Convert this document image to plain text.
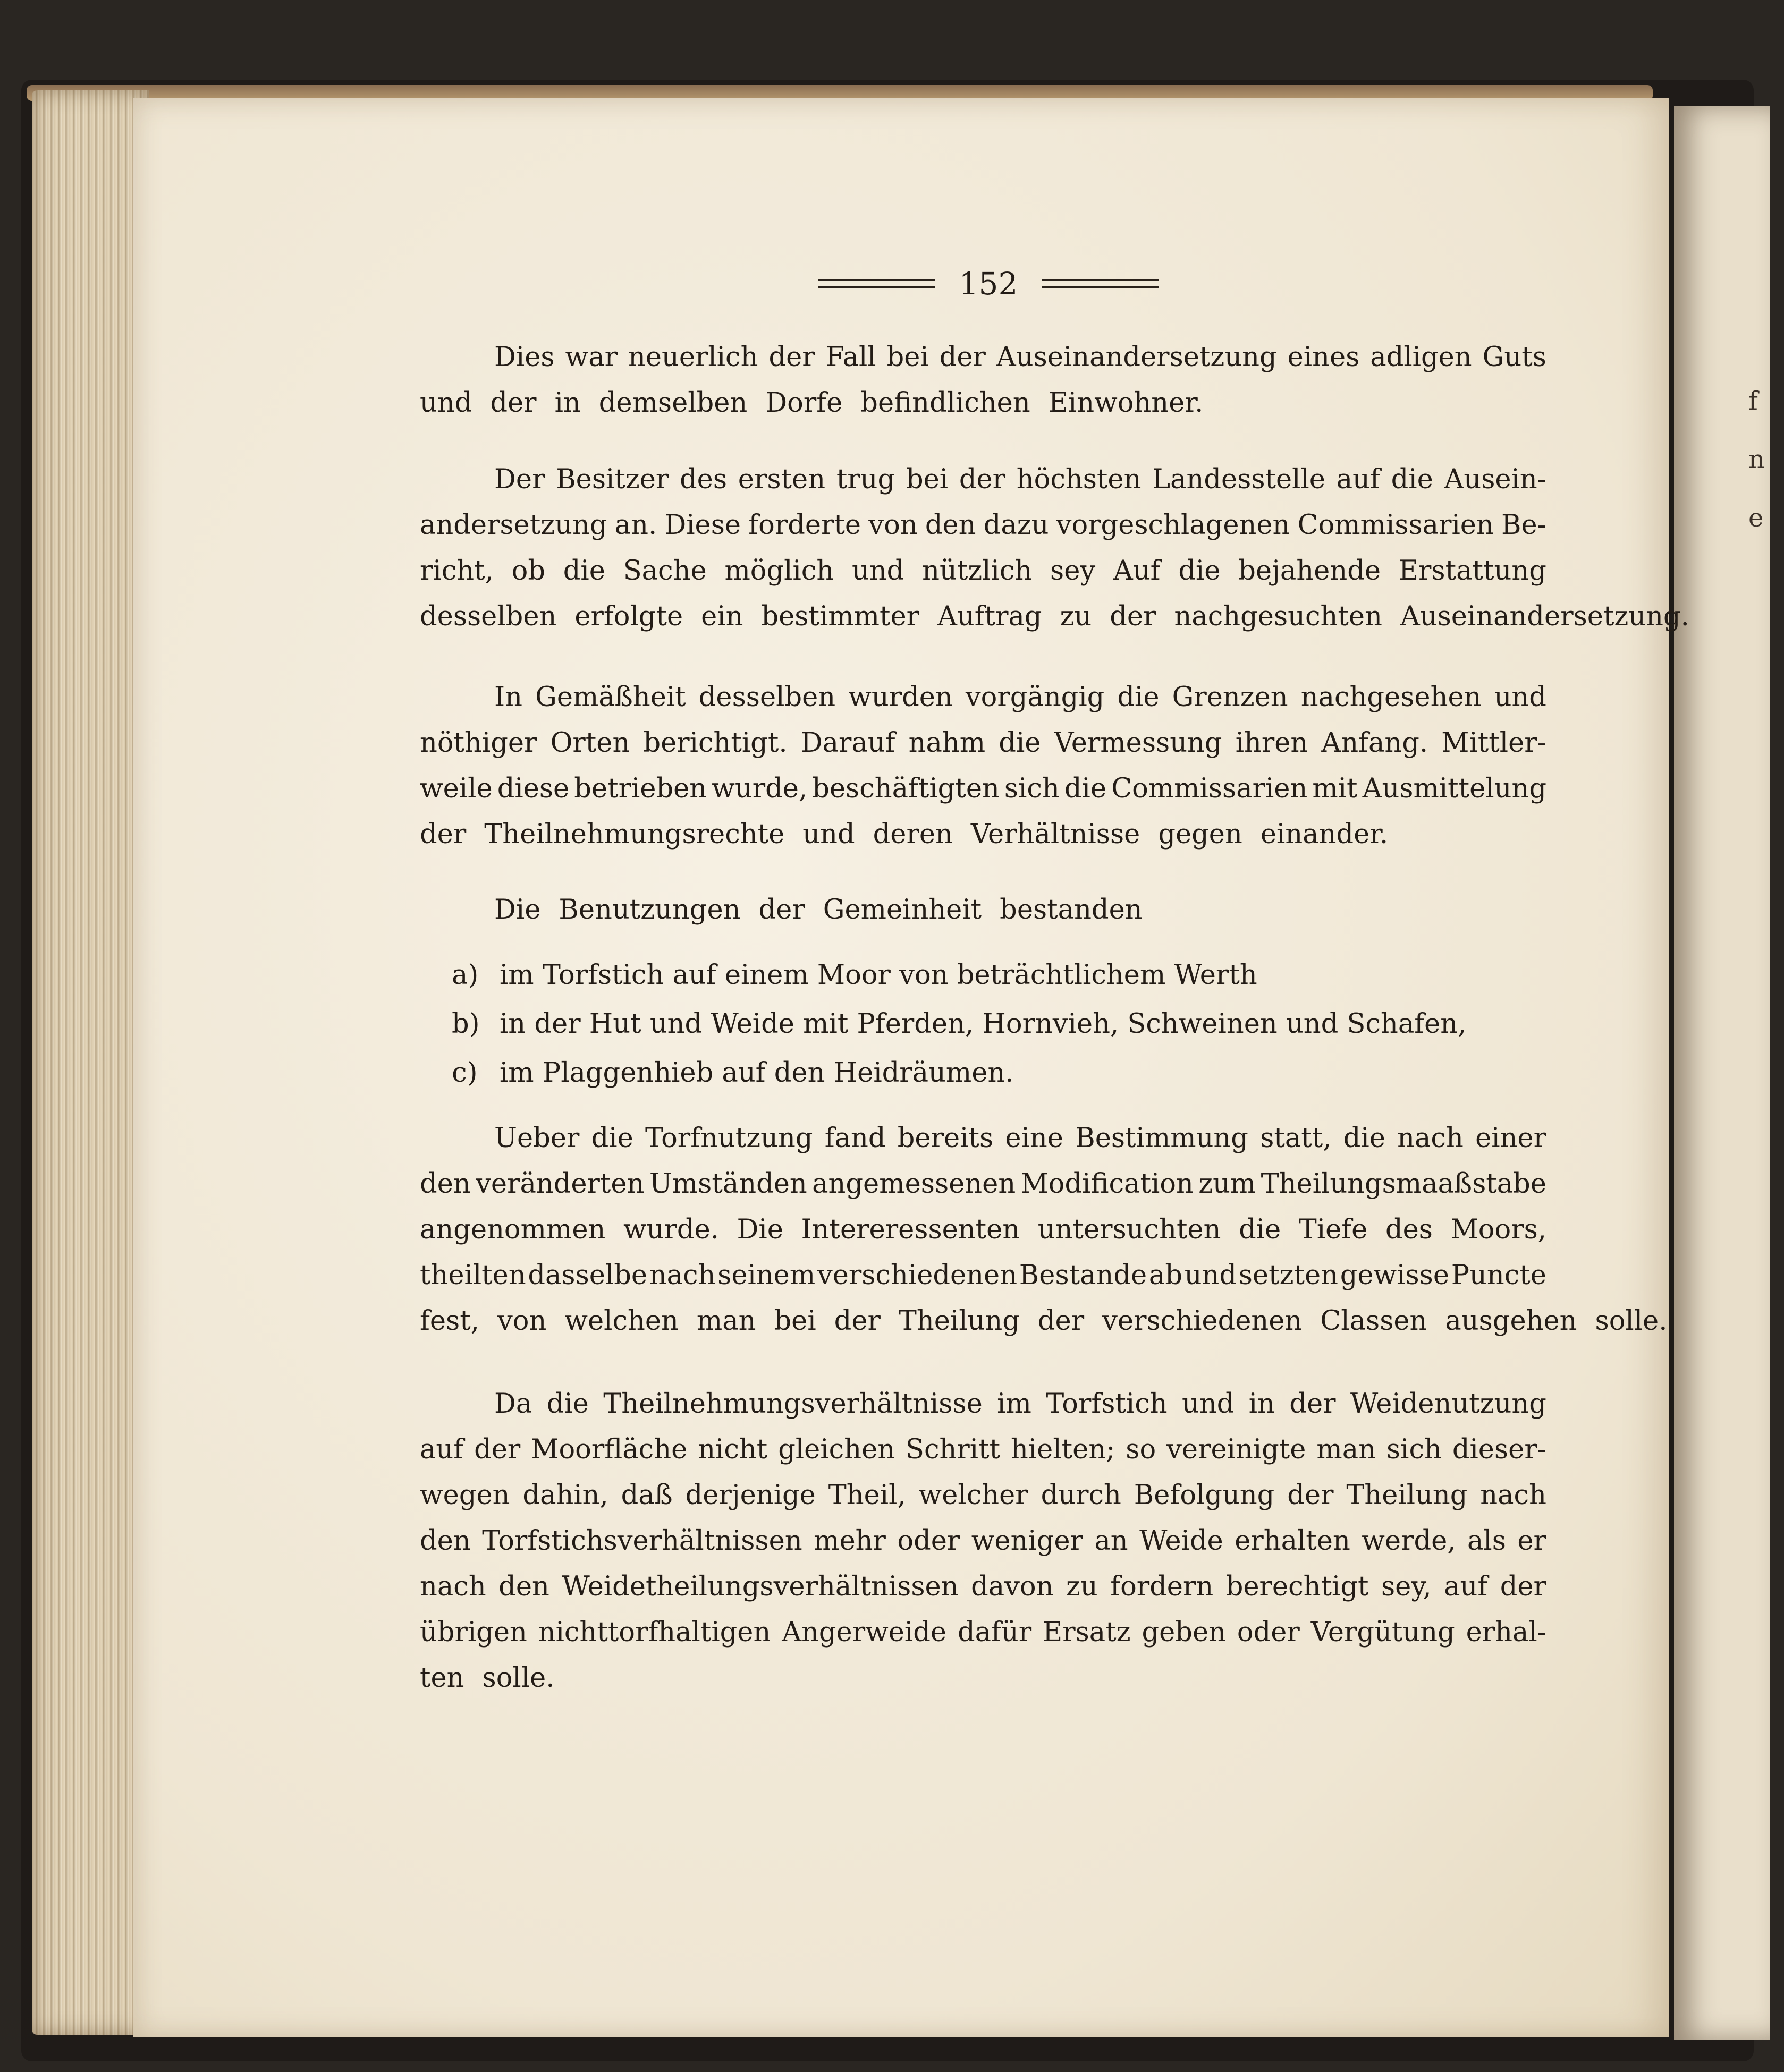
f
n
e
152
Dies war neuerlich der Fall bei der Auseinandersetzung eines adligen Guts
und der in demselben Dorfe befindlichen Einwohner.
Der Besitzer des ersten trug bei der höchsten Landesstelle auf die Ausein-
andersetzung an. Diese forderte von den dazu vorgeschlagenen Commissarien Be-
richt, ob die Sache möglich und nützlich sey Auf die bejahende Erstattung
desselben erfolgte ein bestimmter Auftrag zu der nachgesuchten Auseinandersetzung.
In Gemäßheit desselben wurden vorgängig die Grenzen nachgesehen und
nöthiger Orten berichtigt. Darauf nahm die Vermessung ihren Anfang. Mittler-
weile diese betrieben wurde, beschäftigten sich die Commissarien mit Ausmittelung
der Theilnehmungsrechte und deren Verhältnisse gegen einander.
Die Benutzungen der Gemeinheit bestanden
a) im Torfstich auf einem Moor von beträchtlichem Werth
b) in der Hut und Weide mit Pferden, Hornvieh, Schweinen und Schafen,
c) im Plaggenhieb auf den Heidräumen.
Ueber die Torfnutzung fand bereits eine Bestimmung statt, die nach einer
den veränderten Umständen angemessenen Modification zum Theilungsmaaßstabe
angenommen wurde. Die Intereressenten untersuchten die Tiefe des Moors,
theilten dasselbe nach seinem verschiedenen Bestande ab und setzten gewisse Puncte
fest, von welchen man bei der Theilung der verschiedenen Classen ausgehen solle.
Da die Theilnehmungsverhältnisse im Torfstich und in der Weidenutzung
auf der Moorfläche nicht gleichen Schritt hielten; so vereinigte man sich dieser-
wegen dahin, daß derjenige Theil, welcher durch Befolgung der Theilung nach
den Torfstichsverhältnissen mehr oder weniger an Weide erhalten werde, als er
nach den Weidetheilungsverhältnissen davon zu fordern berechtigt sey, auf der
übrigen nichttorfhaltigen Angerweide dafür Ersatz geben oder Vergütung erhal-
ten solle.
